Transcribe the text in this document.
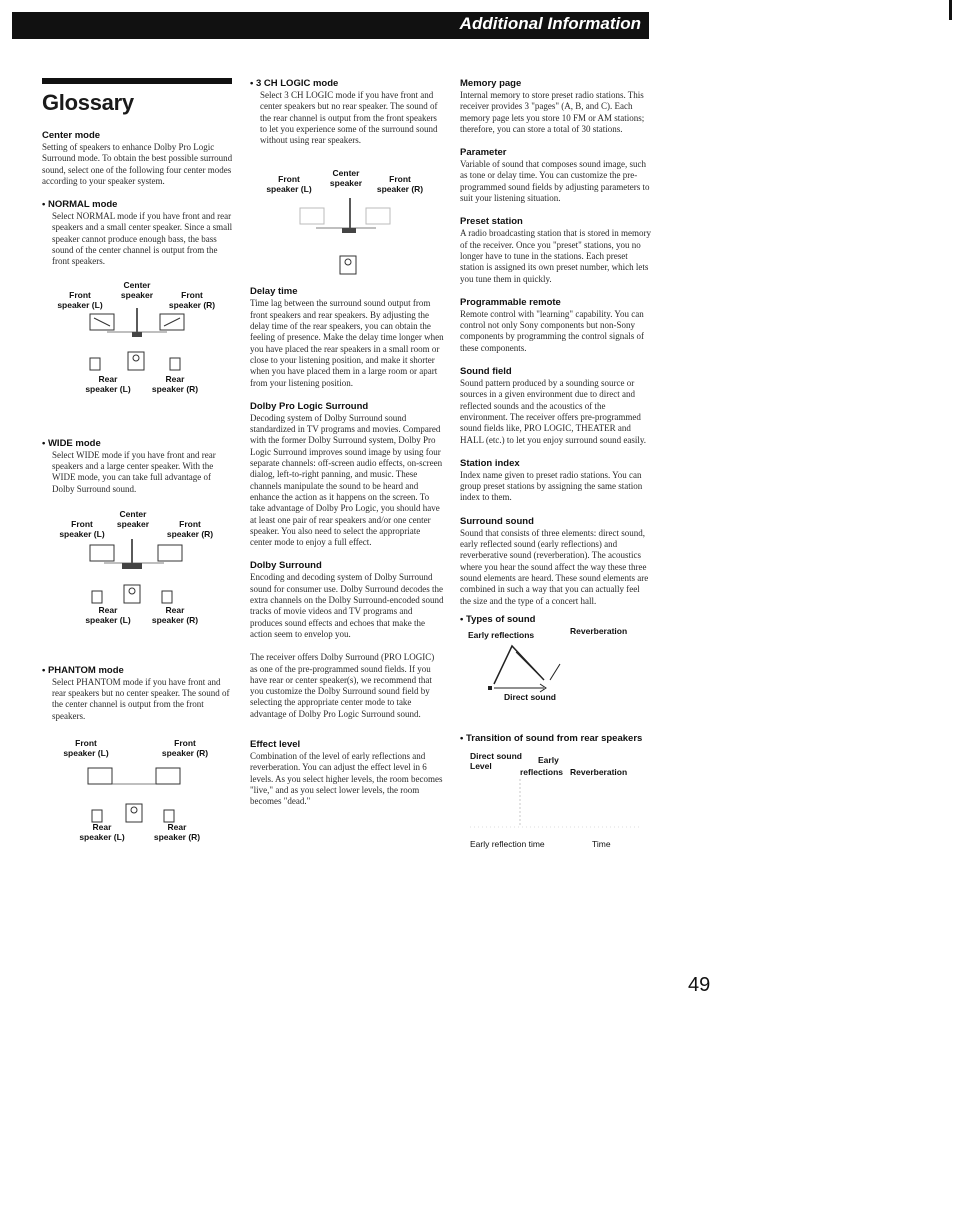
Additional Information
Glossary
Center mode

Setting of speakers to enhance Dolby Pro Logic Surround mode. To obtain the best possible surround sound, select one of the following four center modes according to your speaker system.

• NORMAL mode

Select NORMAL mode if you have front and rear speakers and a small center speaker. Since a small speaker cannot produce enough bass, the bass sound of the center channel is output from the front speakers.

Center
speaker
Front
speaker (L)
Front
speaker (R)
Rear
speaker (L)
Rear
speaker (R)
• WIDE mode

Select WIDE mode if you have front and rear speakers and a large center speaker. With the WIDE mode, you can take full advantage of Dolby Surround sound.

Center
speaker
Front
speaker (L)
Front
speaker (R)
Rear
speaker (L)
Rear
speaker (R)
• PHANTOM mode

Select PHANTOM mode if you have front and rear speakers but no center speaker. The sound of the center channel is output from the front speakers.

Front
speaker (L)
Front
speaker (R)
Rear
speaker (L)
Rear
speaker (R)
• 3 CH LOGIC mode

Select 3 CH LOGIC mode if you have front and center speakers but no rear speaker. The sound of the rear channel is output from the front speakers to let you experience some of the surround sound without using rear speakers.

Center
speaker
Front
speaker (L)
Front
speaker (R)
Delay time

Time lag between the surround sound output from front speakers and rear speakers. By adjusting the delay time of the rear speakers, you can obtain the feeling of presence. Make the delay time longer when you have placed the rear speakers in a small room or close to your listening position, and make it shorter when you have placed them in a large room or apart from your listening position.

Dolby Pro Logic Surround

Decoding system of Dolby Surround sound standardized in TV programs and movies. Compared with the former Dolby Surround system, Dolby Pro Logic Surround improves sound image by using four separate channels: off-screen audio effects, on-screen dialog, left-to-right panning, and music. These channels manipulate the sound to be heard and enhance the action as it happens on the screen. To take advantage of Dolby Pro Logic, you should have at least one pair of rear speakers and/or one center speaker. You also need to select the appropriate center mode to enjoy a full effect.

Dolby Surround

Encoding and decoding system of Dolby Surround sound for consumer use. Dolby Surround decodes the extra channels on the Dolby Surround-encoded sound tracks of movie videos and TV programs and produces sound effects and echoes that make the action seem to envelop you.

The receiver offers Dolby Surround (PRO LOGIC) as one of the pre-programmed sound fields. If you have rear or center speaker(s), we recommend that you customize the Dolby Surround sound field by selecting the appropriate center mode to take advantage of Dolby Pro Logic Surround sound.

Effect level

Combination of the level of early reflections and reverberation. You can adjust the effect level in 6 levels. As you select higher levels, the room becomes "live," and as you select lower levels, the room becomes "dead."

Memory page

Internal memory to store preset radio stations. This receiver provides 3 "pages" (A, B, and C). Each memory page lets you store 10 FM or AM stations; therefore, you can store a total of 30 stations.

Parameter

Variable of sound that composes sound image, such as tone or delay time. You can customize the pre-programmed sound fields by adjusting parameters to suit your listening situation.

Preset station

A radio broadcasting station that is stored in memory of the receiver. Once you "preset" stations, you no longer have to tune in the stations. Each preset station is assigned its own preset number, which lets you tune them in quickly.

Programmable remote

Remote control with "learning" capability. You can control not only Sony components but non-Sony components by programming the control signals of these components.

Sound field

Sound pattern produced by a sounding source or sources in a given environment due to direct and reflected sounds and the acoustics of the environment. The receiver offers pre-programmed sound fields like, PRO LOGIC, THEATER and HALL (etc.) to let you enjoy surround sound easily.

Station index

Index name given to preset radio stations. You can group preset stations by assigning the same station index to them.

Surround sound

Sound that consists of three elements: direct sound, early reflected sound (early reflections) and reverberative sound (reverberation). The acoustics where you hear the sound affect the way these three sound elements are heard. These sound elements are combined in such a way that you can actually feel the size and the type of a concert hall.

• Types of sound
Early reflections	Reverberation
Direct sound
• Transition of sound from rear speakers
Direct sound
Level
Early
reflections Reverberation
Early reflection time	Time
49
